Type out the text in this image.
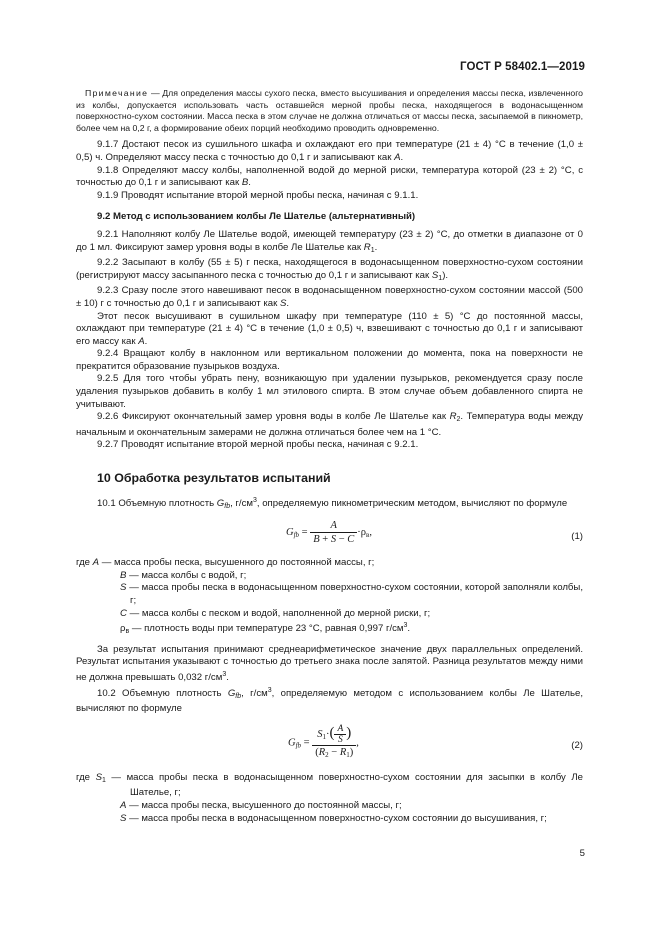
ГОСТ Р 58402.1—2019

Примечание — Для определения массы сухого песка, вместо высушивания и определения массы песка, извлеченного из колбы, допускается использовать часть оставшейся мерной пробы песка, находящегося в водонасыщенном поверхностно-сухом состоянии. Масса песка в этом случае не должна отличаться от массы песка, засыпаемой в пикнометр, более чем на 0,2 г, а формирование обеих порций необходимо проводить одновременно.

9.1.7 Достают песок из сушильного шкафа и охлаждают его при температуре (21 ± 4) °С в течение (1,0 ± 0,5) ч. Определяют массу песка с точностью до 0,1 г и записывают как A.

9.1.8 Определяют массу колбы, наполненной водой до мерной риски, температура которой (23 ± 2) °С, с точностью до 0,1 г и записывают как B.

9.1.9 Проводят испытание второй мерной пробы песка, начиная с 9.1.1.

9.2 Метод с использованием колбы Ле Шателье (альтернативный)

9.2.1 Наполняют колбу Ле Шателье водой, имеющей температуру (23 ± 2) °С, до отметки в диапазоне от 0 до 1 мл. Фиксируют замер уровня воды в колбе Ле Шателье как $R_1$.

9.2.2 Засыпают в колбу (55 ± 5) г песка, находящегося в водонасыщенном поверхностно-сухом состоянии (регистрируют массу засыпанного песка с точностью до 0,1 г и записывают как $S_1$).

9.2.3 Сразу после этого навешивают песок в водонасыщенном поверхностно-сухом состоянии массой (500 ± 10) г с точностью до 0,1 г и записывают как S.

Этот песок высушивают в сушильном шкафу при температуре (110 ± 5) °С до постоянной массы, охлаждают при температуре (21 ± 4) °С в течение (1,0 ± 0,5) ч, взвешивают с точностью до 0,1 г и записывают его массу как A.

9.2.4 Вращают колбу в наклонном или вертикальном положении до момента, пока на поверхности не прекратится образование пузырьков воздуха.

9.2.5 Для того чтобы убрать пену, возникающую при удалении пузырьков, рекомендуется сразу после удаления пузырьков добавить в колбу 1 мл этилового спирта. В этом случае объем добавленного спирта не учитывают.

9.2.6 Фиксируют окончательный замер уровня воды в колбе Ле Шателье как $R_2$. Температура воды между начальным и окончательным замерами не должна отличаться более чем на 1 °С.

9.2.7 Проводят испытание второй мерной пробы песка, начиная с 9.2.1.

10 Обработка результатов испытаний

10.1 Объемную плотность $G_{fb}$, $г/см^3$, определяемую пикнометрическим методом, вычисляют по формуле

$G_{fb} = \frac{A}{B + S - C} \cdot\rho_в$,	(1)

где A — масса пробы песка, высушенного до постоянной массы, г;

B — масса колбы с водой, г;

S — масса пробы песка в водонасыщенном поверхностно-сухом состоянии, которой заполняли колбы, г;

C — масса колбы с песком и водой, наполненной до мерной риски, г;

$\rho_в$ — плотность воды при температуре 23 °С, равная 0,997 $г/см^3$.

За результат испытания принимают среднеарифметическое значение двух параллельных определений. Результат испытания указывают с точностью до третьего знака после запятой. Разница результатов между ними не должна превышать 0,032 $г/см^3$.

10.2 Объемную плотность $G_{fb}$, $г/см^3$, определяемую методом с использованием колбы Ле Шателье, вычисляют по формуле

$G_{fb} = \frac{S_1\cdot( \frac{A}{S} )}{(R_2 - R_1)}$ ,	(2)

где $S_1$ — масса пробы песка в водонасыщенном поверхностно-сухом состоянии для засыпки в колбу Ле Шателье, г;

A — масса пробы песка, высушенного до постоянной массы, г;

S — масса пробы песка в водонасыщенном поверхностно-сухом состоянии до высушивания, г;

5
